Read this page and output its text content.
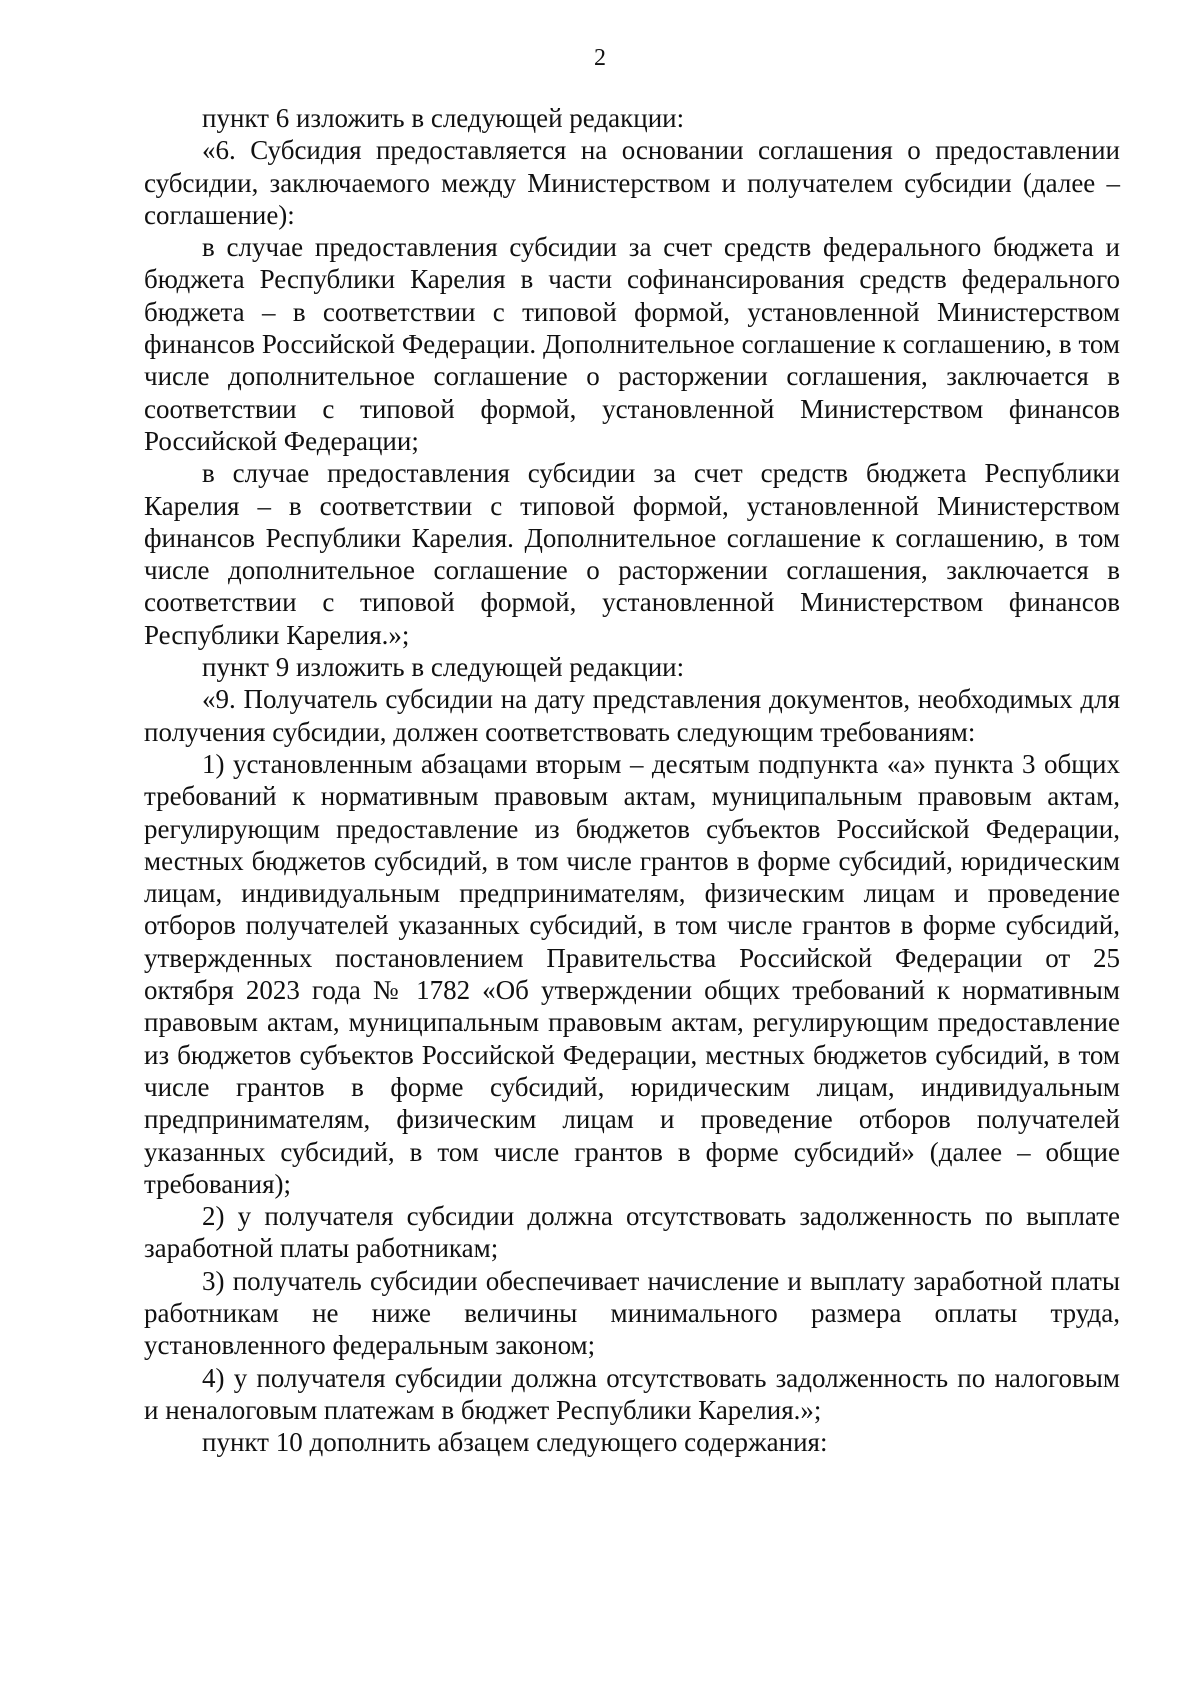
2

пункт 6 изложить в следующей редакции:

«6. Субсидия предоставляется на основании соглашения о предоставлении субсидии, заключаемого между Министерством и получателем субсидии (далее – соглашение):

в случае предоставления субсидии за счет средств федерального бюджета и бюджета Республики Карелия в части софинансирования средств федерального бюджета – в соответствии с типовой формой, установленной Министерством финансов Российской Федерации. Дополнительное соглашение к соглашению, в том числе дополнительное соглашение о расторжении соглашения, заключается в соответствии с типовой формой, установленной Министерством финансов Российской Федерации;

в случае предоставления субсидии за счет средств бюджета Республики Карелия – в соответствии с типовой формой, установленной Министерством финансов Республики Карелия. Дополнительное соглашение к соглашению, в том числе дополнительное соглашение о расторжении соглашения, заключается в соответствии с типовой формой, установленной Министерством финансов Республики Карелия.»;

пункт 9 изложить в следующей редакции:

«9. Получатель субсидии на дату представления документов, необходимых для получения субсидии, должен соответствовать следующим требованиям:

1) установленным абзацами вторым – десятым подпункта «а» пункта 3 общих требований к нормативным правовым актам, муниципальным правовым актам, регулирующим предоставление из бюджетов субъектов Российской Федерации, местных бюджетов субсидий, в том числе грантов в форме субсидий, юридическим лицам, индивидуальным предпринимателям, физическим лицам и проведение отборов получателей указанных субсидий, в том числе грантов в форме субсидий, утвержденных постановлением Правительства Российской Федерации от 25 октября 2023 года № 1782 «Об утверждении общих требований к нормативным правовым актам, муниципальным правовым актам, регулирующим предоставление из бюджетов субъектов Российской Федерации, местных бюджетов субсидий, в том числе грантов в форме субсидий, юридическим лицам, индивидуальным предпринимателям, физическим лицам и проведение отборов получателей указанных субсидий, в том числе грантов в форме субсидий» (далее – общие требования);

2) у получателя субсидии должна отсутствовать задолженность по выплате заработной платы работникам;

3) получатель субсидии обеспечивает начисление и выплату заработной платы работникам не ниже величины минимального размера оплаты труда, установленного федеральным законом;

4) у получателя субсидии должна отсутствовать задолженность по налоговым и неналоговым платежам в бюджет Республики Карелия.»;

пункт 10 дополнить абзацем следующего содержания:
